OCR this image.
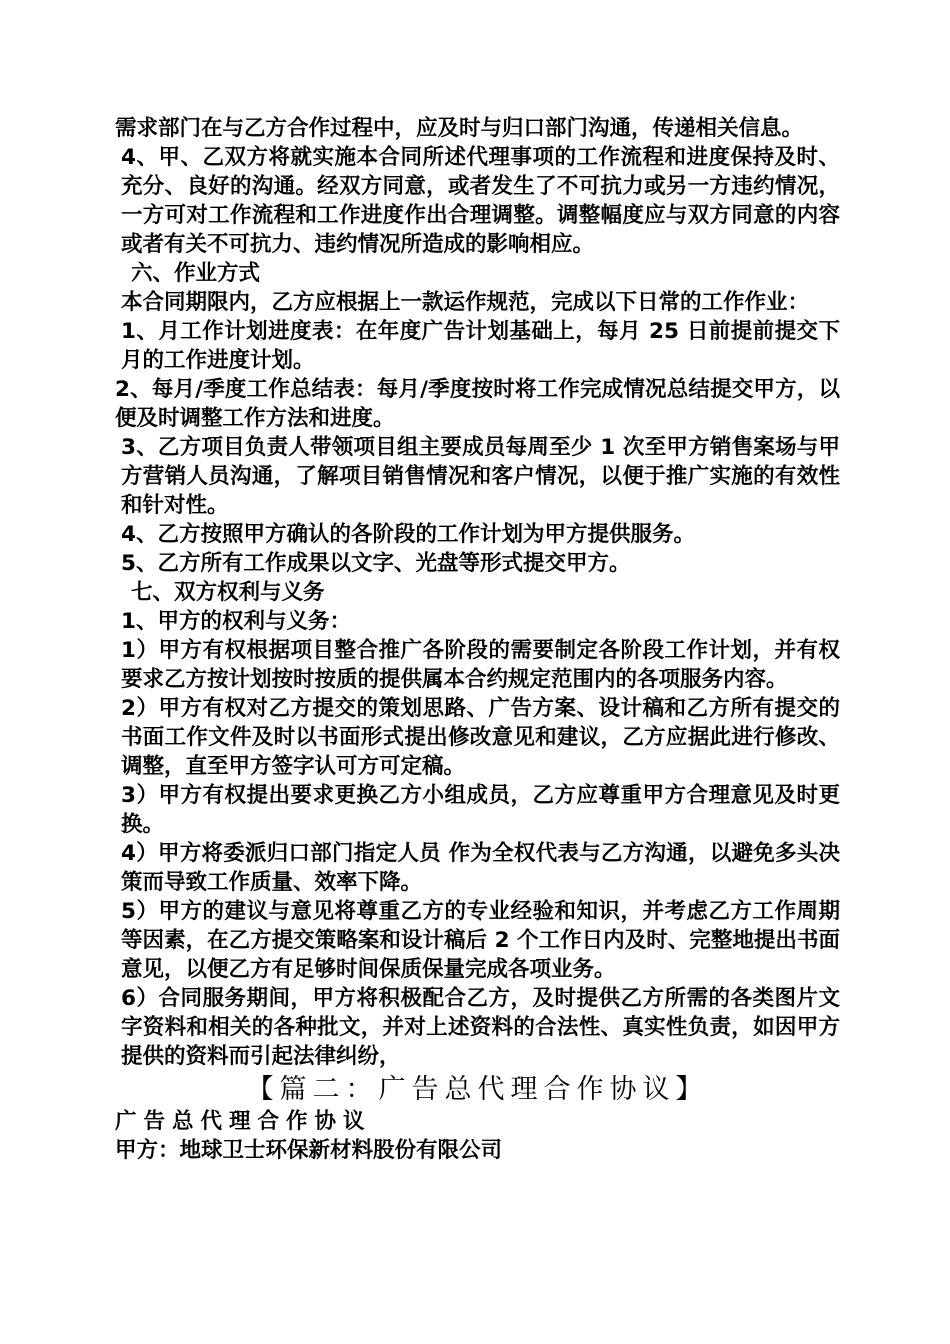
需求部门在与乙方合作过程中，应及时与归口部门沟通，传递相关信息。

4、甲、乙双方将就实施本合同所述代理事项的工作流程和进度保持及时、充分、良好的沟通。经双方同意，或者发生了不可抗力或另一方违约情况，一方可对工作流程和工作进度作出合理调整。调整幅度应与双方同意的内容或者有关不可抗力、违约情况所造成的影响相应。

六、作业方式

本合同期限内，乙方应根据上一款运作规范，完成以下日常的工作作业：

1、月工作计划进度表：在年度广告计划基础上，每月 25 日前提前提交下月的工作进度计划。

2、每月/季度工作总结表：每月/季度按时将工作完成情况总结提交甲方，以便及时调整工作方法和进度。

3、乙方项目负责人带领项目组主要成员每周至少 1 次至甲方销售案场与甲方营销人员沟通，了解项目销售情况和客户情况，以便于推广实施的有效性和针对性。

4、乙方按照甲方确认的各阶段的工作计划为甲方提供服务。

5、乙方所有工作成果以文字、光盘等形式提交甲方。

七、双方权利与义务

1、甲方的权利与义务：

1）甲方有权根据项目整合推广各阶段的需要制定各阶段工作计划，并有权要求乙方按计划按时按质的提供属本合约规定范围内的各项服务内容。

2）甲方有权对乙方提交的策划思路、广告方案、设计稿和乙方所有提交的书面工作文件及时以书面形式提出修改意见和建议，乙方应据此进行修改、调整，直至甲方签字认可方可定稿。

3）甲方有权提出要求更换乙方小组成员，乙方应尊重甲方合理意见及时更换。

4）甲方将委派归口部门指定人员 作为全权代表与乙方沟通，以避免多头决策而导致工作质量、效率下降。

5）甲方的建议与意见将尊重乙方的专业经验和知识，并考虑乙方工作周期等因素，在乙方提交策略案和设计稿后 2 个工作日内及时、完整地提出书面意见，以便乙方有足够时间保质保量完成各项业务。

6）合同服务期间，甲方将积极配合乙方，及时提供乙方所需的各类图片文字资料和相关的各种批文，并对上述资料的合法性、真实性负责，如因甲方提供的资料而引起法律纠纷，

【篇二：广告总代理合作协议】

广告总代理合作协议

甲方：地球卫士环保新材料股份有限公司
